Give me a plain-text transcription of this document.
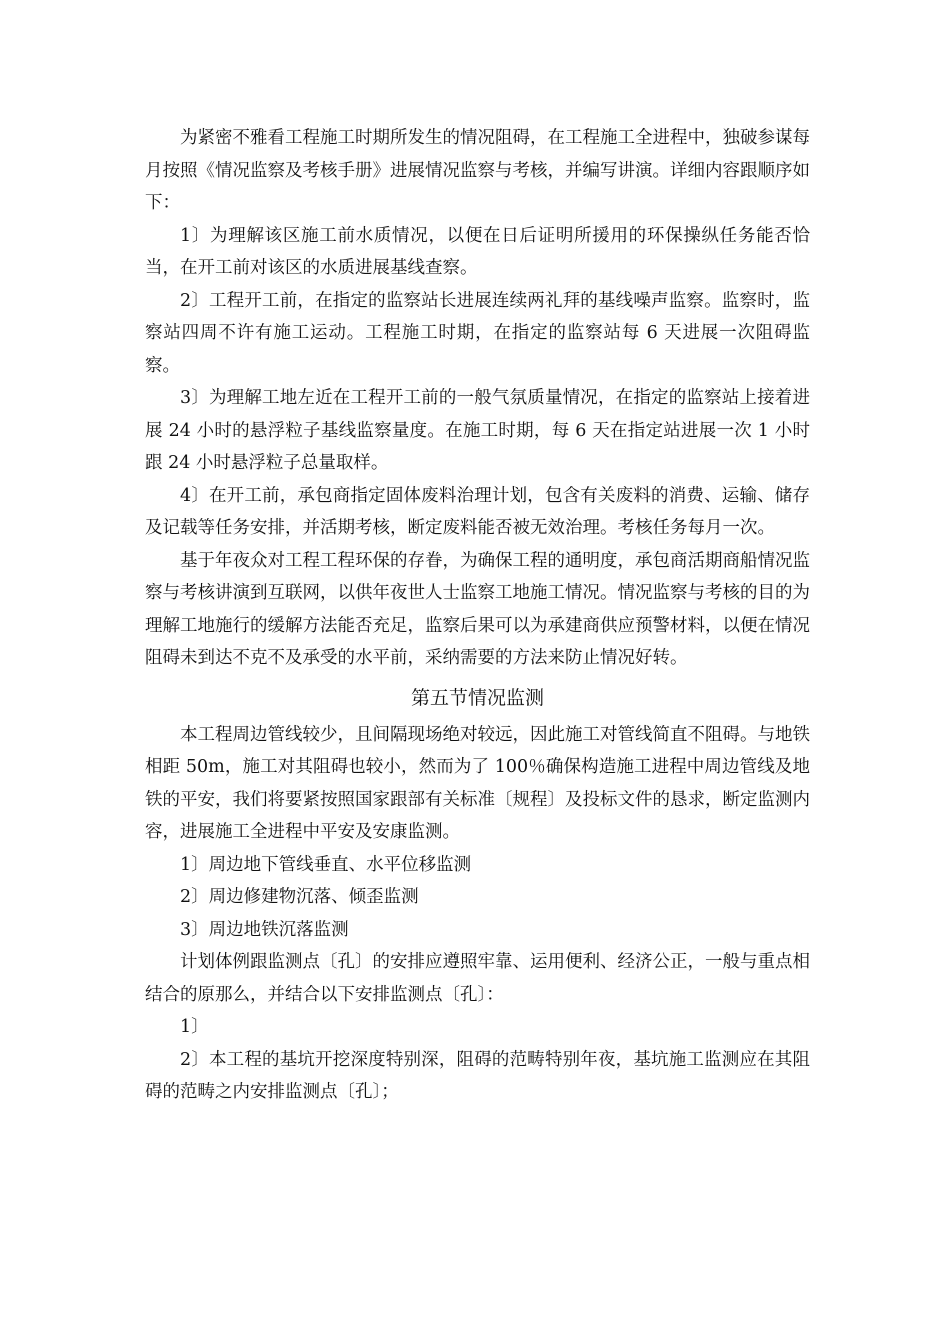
为紧密不雅看工程施工时期所发生的情况阻碍，在工程施工全进程中，独破参谋每月按照《情况监察及考核手册》进展情况监察与考核，并编写讲演。详细内容跟顺序如下：

1〕为理解该区施工前水质情况，以便在日后证明所援用的环保操纵任务能否恰当，在开工前对该区的水质进展基线查察。

2〕工程开工前，在指定的监察站长进展连续两礼拜的基线噪声监察。监察时，监察站四周不许有施工运动。工程施工时期，在指定的监察站每 6 天进展一次阻碍监察。

3〕为理解工地左近在工程开工前的一般气氛质量情况，在指定的监察站上接着进展 24 小时的悬浮粒子基线监察量度。在施工时期，每 6 天在指定站进展一次 1 小时跟 24 小时悬浮粒子总量取样。

4〕在开工前，承包商指定固体废料治理计划，包含有关废料的消费、运输、储存及记载等任务安排，并活期考核，断定废料能否被无效治理。考核任务每月一次。

基于年夜众对工程工程环保的存眷，为确保工程的通明度，承包商活期商船情况监察与考核讲演到互联网，以供年夜世人士监察工地施工情况。情况监察与考核的目的为理解工地施行的缓解方法能否充足，监察后果可以为承建商供应预警材料，以便在情况阻碍未到达不克不及承受的水平前，采纳需要的方法来防止情况好转。

第五节情况监测

本工程周边管线较少，且间隔现场绝对较远，因此施工对管线简直不阻碍。与地铁相距 50m，施工对其阻碍也较小，然而为了 100％确保构造施工进程中周边管线及地铁的平安，我们将要紧按照国家跟部有关标准〔规程〕及投标文件的恳求，断定监测内容，进展施工全进程中平安及安康监测。

1〕周边地下管线垂直、水平位移监测

2〕周边修建物沉落、倾歪监测

3〕周边地铁沉落监测

计划体例跟监测点〔孔〕的安排应遵照牢靠、运用便利、经济公正，一般与重点相结合的原那么，并结合以下安排监测点〔孔〕：

1〕

2〕本工程的基坑开挖深度特别深，阻碍的范畴特别年夜，基坑施工监测应在其阻碍的范畴之内安排监测点〔孔〕；
